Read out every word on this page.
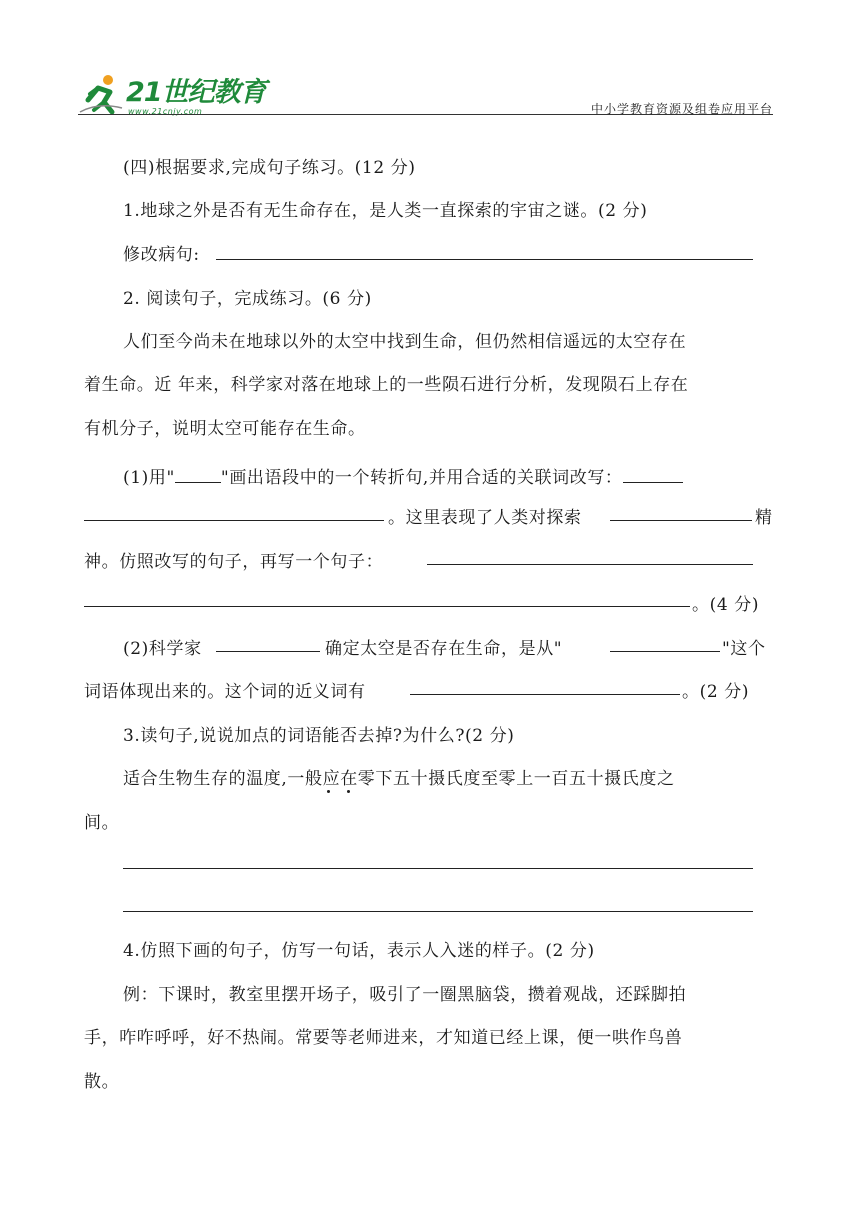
21世纪教育
www.21cnjy.com	中小学教育资源及组卷应用平台
(四)根据要求,完成句子练习。(12 分)
1.地球之外是否有无生命存在，是人类一直探索的宇宙之谜。(2 分)
修改病句:
2. 阅读句子，完成练习。(6 分)
人们至今尚未在地球以外的太空中找到生命，但仍然相信遥远的太空存在
着生命。近 年来，科学家对落在地球上的一些陨石进行分析，发现陨石上存在
有机分子，说明太空可能存在生命。
(1)用"	"画出语段中的一个转折句,并用合适的关联词改写：
。这里表现了人类对探索	精
神。仿照改写的句子，再写一个句子：
。(4 分)
(2)科学家	确定太空是否存在生命，是从"	"这个
词语体现出来的。这个词的近义词有	。(2 分)
3.读句子,说说加点的词语能否去掉?为什么?(2 分)
适合生物生存的温度,一般应在零下五十摄氏度至零上一百五十摄氏度之
间。
4.仿照下画的句子，仿写一句话，表示人入迷的样子。(2 分)
例：下课时，教室里摆开场子，吸引了一圈黑脑袋，攒着观战，还踩脚拍
手，咋咋呼呼，好不热闹。常要等老师进来，才知道已经上课，便一哄作鸟兽
散。
